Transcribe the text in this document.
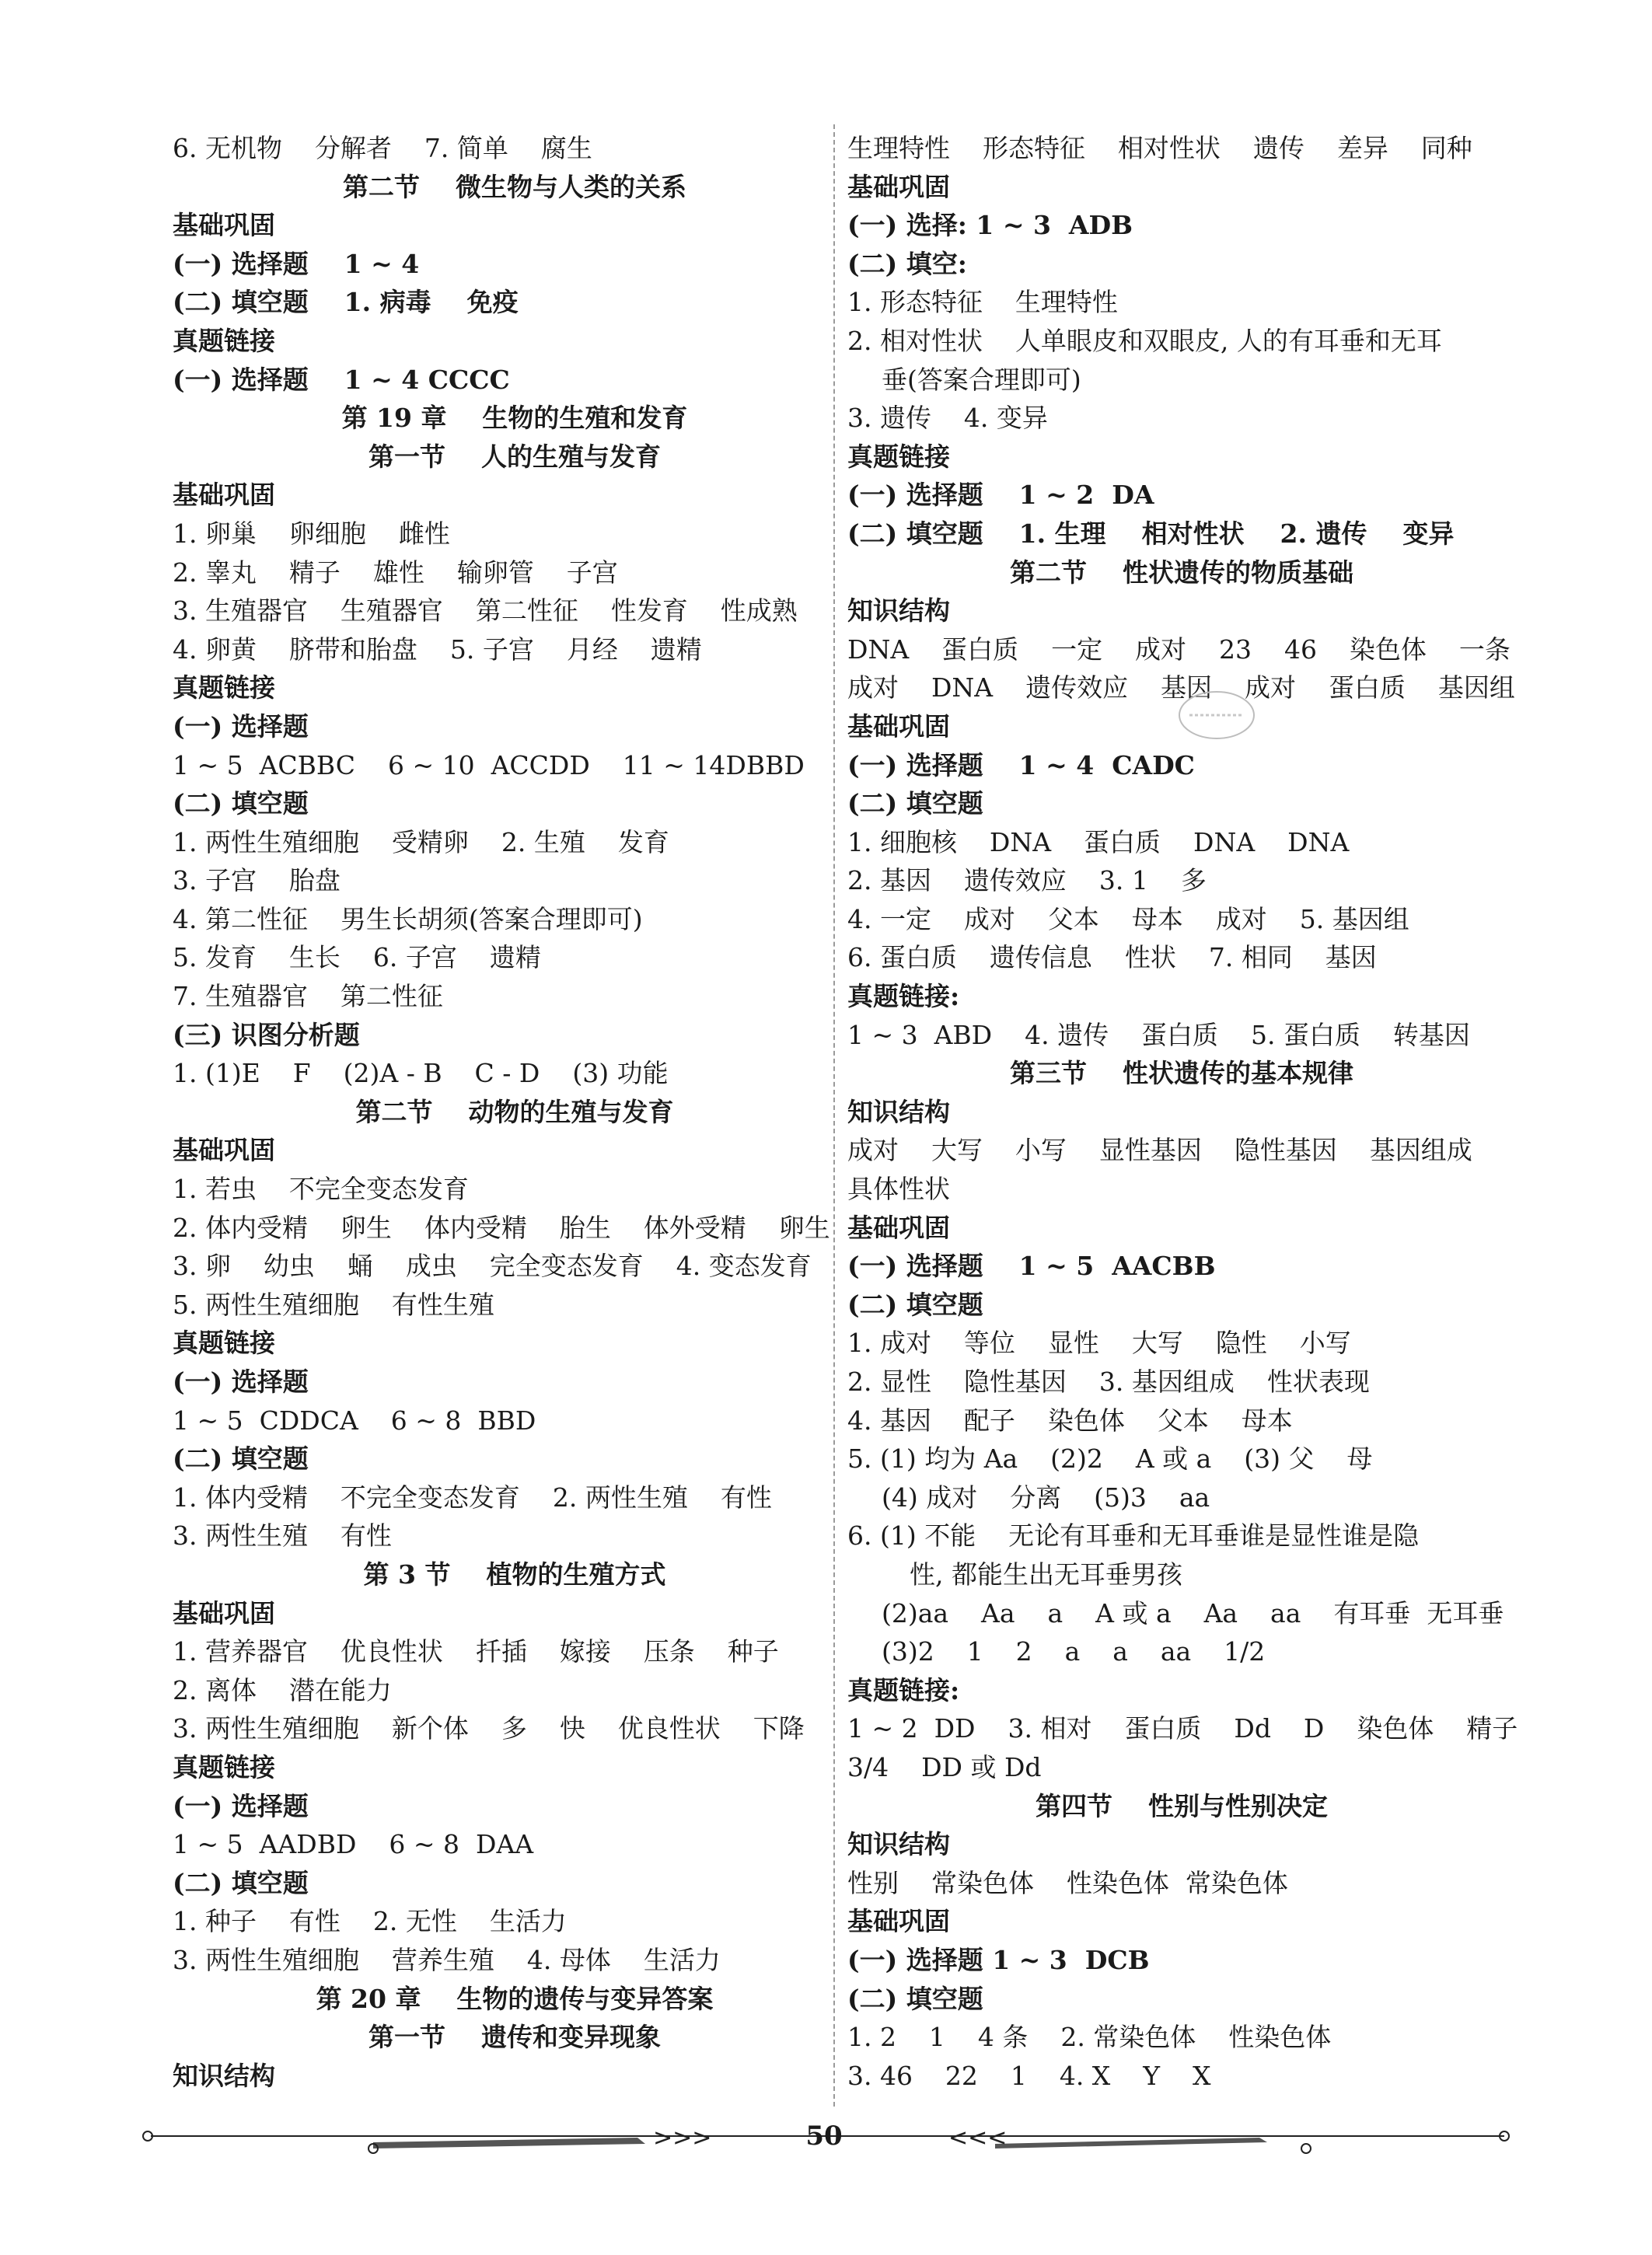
6. 无机物    分解者    7. 简单    腐生
第二节    微生物与人类的关系
基础巩固
(一) 选择题    1 ~ 4
(二) 填空题    1. 病毒    免疫
真题链接
(一) 选择题    1 ~ 4 CCCC
第 19 章    生物的生殖和发育
第一节    人的生殖与发育
基础巩固
1. 卵巢    卵细胞    雌性
2. 睾丸    精子    雄性    输卵管    子宫
3. 生殖器官    生殖器官    第二性征    性发育    性成熟
4. 卵黄    脐带和胎盘    5. 子宫    月经    遗精
真题链接
(一) 选择题
1 ~ 5  ACBBC    6 ~ 10  ACCDD    11 ~ 14DBBD
(二) 填空题
1. 两性生殖细胞    受精卵    2. 生殖    发育
3. 子宫    胎盘
4. 第二性征    男生长胡须(答案合理即可)
5. 发育    生长    6. 子宫    遗精
7. 生殖器官    第二性征
(三) 识图分析题
1. (1)E    F    (2)A - B    C - D    (3) 功能
第二节    动物的生殖与发育
基础巩固
1. 若虫    不完全变态发育
2. 体内受精    卵生    体内受精    胎生    体外受精    卵生
3. 卵    幼虫    蛹    成虫    完全变态发育    4. 变态发育
5. 两性生殖细胞    有性生殖
真题链接
(一) 选择题
1 ~ 5  CDDCA    6 ~ 8  BBD
(二) 填空题
1. 体内受精    不完全变态发育    2. 两性生殖    有性
3. 两性生殖    有性
第 3 节    植物的生殖方式
基础巩固
1. 营养器官    优良性状    扦插    嫁接    压条    种子
2. 离体    潜在能力
3. 两性生殖细胞    新个体    多    快    优良性状    下降
真题链接
(一) 选择题
1 ~ 5  AADBD    6 ~ 8  DAA
(二) 填空题
1. 种子    有性    2. 无性    生活力
3. 两性生殖细胞    营养生殖    4. 母体    生活力
第 20 章    生物的遗传与变异答案
第一节    遗传和变异现象
知识结构
生理特性    形态特征    相对性状    遗传    差异    同种
基础巩固
(一) 选择: 1 ~ 3  ADB
(二) 填空:
1. 形态特征    生理特性
2. 相对性状    人单眼皮和双眼皮, 人的有耳垂和无耳
垂(答案合理即可)
3. 遗传    4. 变异
真题链接
(一) 选择题    1 ~ 2  DA
(二) 填空题    1. 生理    相对性状    2. 遗传    变异
第二节    性状遗传的物质基础
知识结构
DNA    蛋白质    一定    成对    23    46    染色体    一条
成对    DNA    遗传效应    基因    成对    蛋白质    基因组
基础巩固
(一) 选择题    1 ~ 4  CADC
(二) 填空题
1. 细胞核    DNA    蛋白质    DNA    DNA
2. 基因    遗传效应    3. 1    多
4. 一定    成对    父本    母本    成对    5. 基因组
6. 蛋白质    遗传信息    性状    7. 相同    基因
真题链接:
1 ~ 3  ABD    4. 遗传    蛋白质    5. 蛋白质    转基因
第三节    性状遗传的基本规律
知识结构
成对    大写    小写    显性基因    隐性基因    基因组成
具体性状
基础巩固
(一) 选择题    1 ~ 5  AACBB
(二) 填空题
1. 成对    等位    显性    大写    隐性    小写
2. 显性    隐性基因    3. 基因组成    性状表现
4. 基因    配子    染色体    父本    母本
5. (1) 均为 Aa    (2)2    A 或 a    (3) 父    母
(4) 成对    分离    (5)3    aa
6. (1) 不能    无论有耳垂和无耳垂谁是显性谁是隐
性, 都能生出无耳垂男孩
(2)aa    Aa    a    A 或 a    Aa    aa    有耳垂  无耳垂
(3)2    1    2    a    a    aa    1/2
真题链接:
1 ~ 2  DD    3. 相对    蛋白质    Dd    D    染色体    精子
3/4    DD 或 Dd
第四节    性别与性别决定
知识结构
性别    常染色体    性染色体  常染色体
基础巩固
(一) 选择题 1 ~ 3  DCB
(二) 填空题
1. 2    1    4 条    2. 常染色体    性染色体
3. 46    22    1    4. X    Y    X
>>>	<<<
50
